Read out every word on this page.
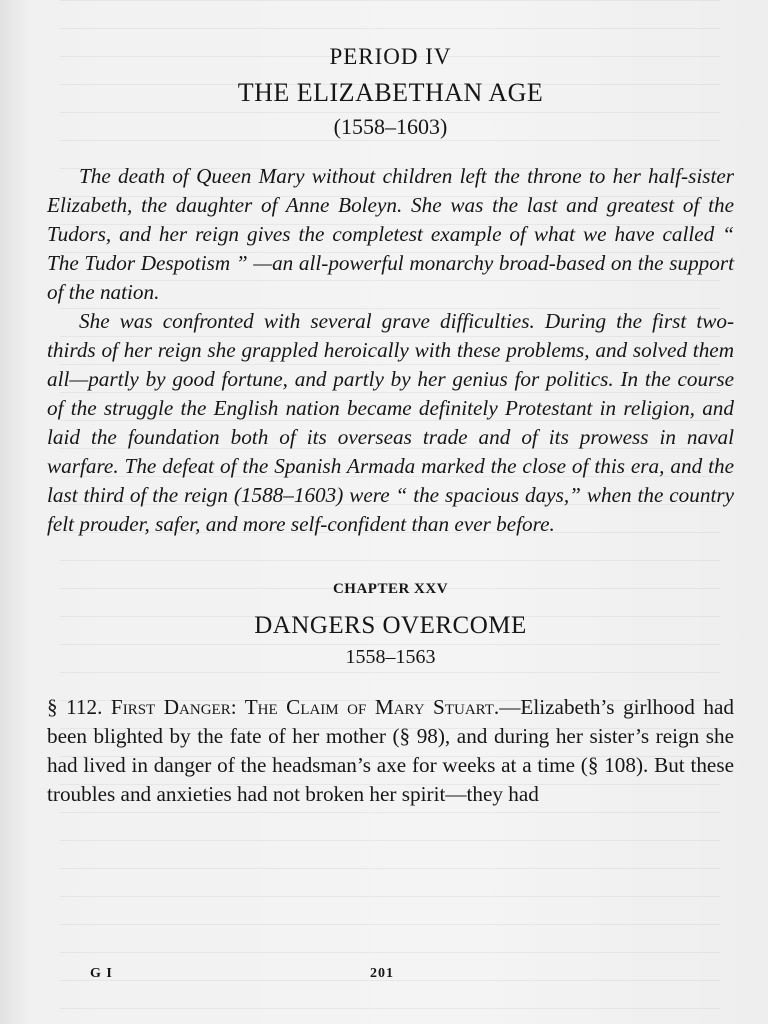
PERIOD IV
THE ELIZABETHAN AGE
(1558–1603)

The death of Queen Mary without children left the throne to her half-sister Elizabeth, the daughter of Anne Boleyn. She was the last and greatest of the Tudors, and her reign gives the completest example of what we have called “ The Tudor Despotism ” —an all-powerful monarchy broad-based on the support of the nation.

She was confronted with several grave difficulties. During the first two-thirds of her reign she grappled heroically with these problems, and solved them all—partly by good fortune, and partly by her genius for politics. In the course of the struggle the English nation became definitely Protestant in religion, and laid the foundation both of its overseas trade and of its prowess in naval warfare. The defeat of the Spanish Armada marked the close of this era, and the last third of the reign (1588–1603) were “ the spacious days,” when the country felt prouder, safer, and more self-confident than ever before.

CHAPTER XXV
DANGERS OVERCOME
1558–1563

§ 112. First Danger: The Claim of Mary Stuart.—Elizabeth’s girlhood had been blighted by the fate of her mother (§ 98), and during her sister’s reign she had lived in danger of the headsman’s axe for weeks at a time (§ 108). But these troubles and anxieties had not broken her spirit—they had

G I	201
